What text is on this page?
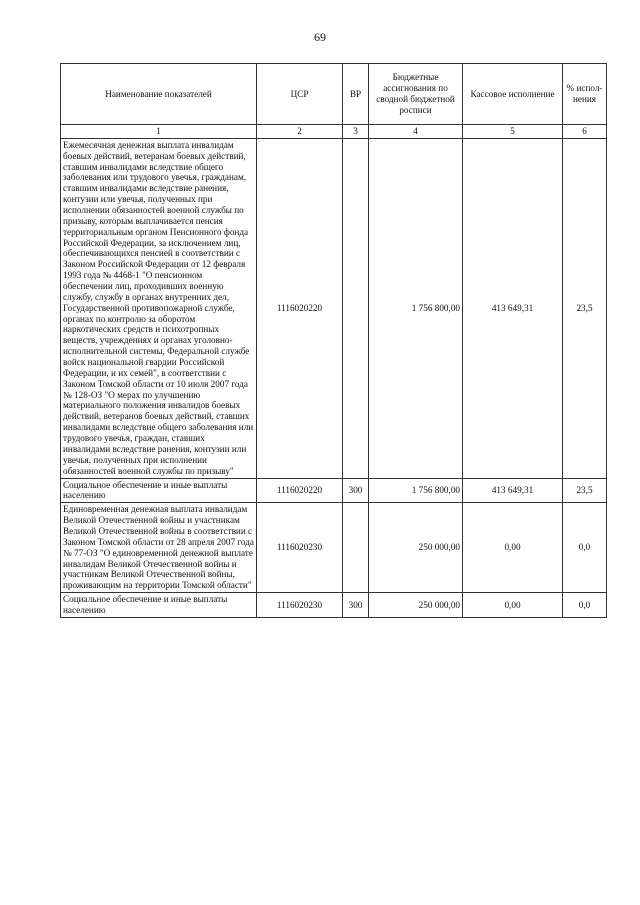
69
Наименование показателей	ЦСР	ВР	Бюджетные ассигнования по сводной бюджетной росписи	Кассовое исполнение	% испол-нения
1	2	3	4	5	6
Ежемесячная денежная выплата инвалидам боевых действий, ветеранам боевых действий, ставшим инвалидами вследствие общего заболевания или трудового увечья, гражданам, ставшим инвалидами вследствие ранения, контузии или увечья, полученных при исполнении обязанностей военной службы по призыву, которым выплачивается пенсия территориальным органом Пенсионного фонда Российской Федерации, за исключением лиц, обеспечивающихся пенсией в соответствии с Законом Российской Федерации от 12 февраля 1993 года № 4468-1 "О пенсионном обеспечении лиц, проходивших военную службу, службу в органах внутренних дел, Государственной противопожарной службе, органах по контролю за оборотом наркотических средств и психотропных веществ, учреждениях и органах уголовно-исполнительной системы, Федеральной службе войск национальной гвардии Российской Федерации, и их семей", в соответствии с Законом Томской области от 10 июля 2007 года № 128-ОЗ "О мерах по улучшению материального положения инвалидов боевых действий, ветеранов боевых действий, ставших инвалидами вследствие общего заболевания или трудового увечья, граждан, ставших инвалидами вследствие ранения, контузии или увечья, полученных при исполнении обязанностей военной службы по призыву"	1116020220		1 756 800,00	413 649,31	23,5
Социальное обеспечение и иные выплаты населению	1116020220	300	1 756 800,00	413 649,31	23,5
Единовременная денежная выплата инвалидам Великой Отечественной войны и участникам Великой Отечественной войны в соответствии с Законом Томской области от 28 апреля 2007 года № 77-ОЗ "О единовременной денежной выплате инвалидам Великой Отечественной войны и участникам Великой Отечественной войны, проживающим на территории Томской области"	1116020230		250 000,00	0,00	0,0
Социальное обеспечение и иные выплаты населению	1116020230	300	250 000,00	0,00	0,0
